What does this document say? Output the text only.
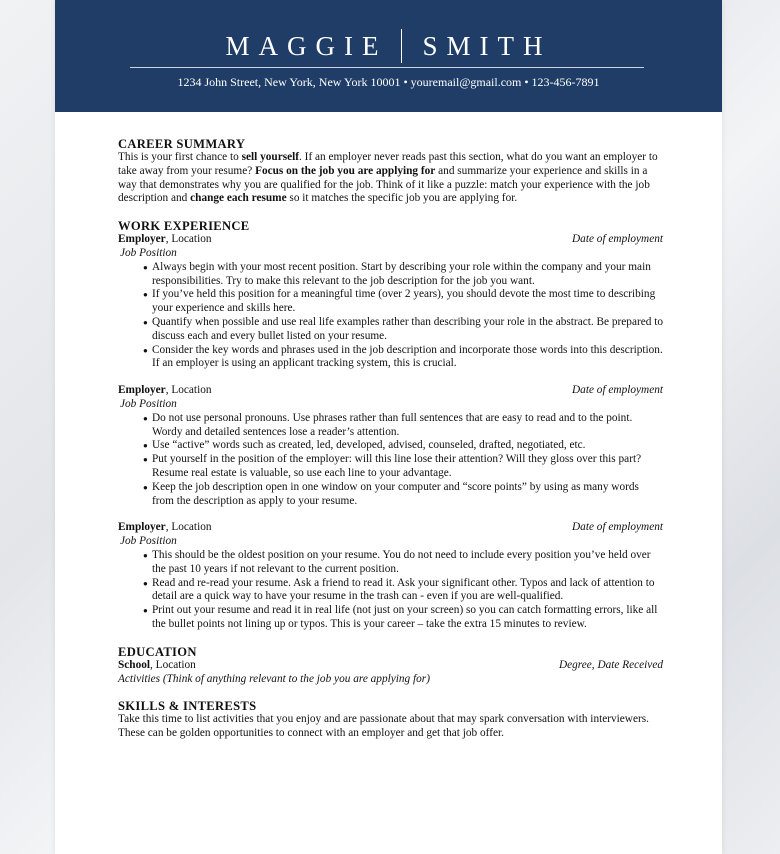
MAGGIE SMITH
1234 John Street, New York, New York 10001 • youremail@gmail.com • 123-456-7891
CAREER SUMMARY

This is your first chance to sell yourself. If an employer never reads past this section, what do you want an employer to take away from your resume? Focus on the job you are applying for and summarize your experience and skills in a way that demonstrates why you are qualified for the job. Think of it like a puzzle: match your experience with the job description and change each resume so it matches the specific job you are applying for.

WORK EXPERIENCE
Employer, Location	Date of employment
Job Position
● Always begin with your most recent position. Start by describing your role within the company and your main responsibilities. Try to make this relevant to the job description for the job you want.
● If you’ve held this position for a meaningful time (over 2 years), you should devote the most time to describing your experience and skills here.
● Quantify when possible and use real life examples rather than describing your role in the abstract. Be prepared to discuss each and every bullet listed on your resume.
● Consider the key words and phrases used in the job description and incorporate those words into this description. If an employer is using an applicant tracking system, this is crucial.
Employer, Location	Date of employment
Job Position
● Do not use personal pronouns. Use phrases rather than full sentences that are easy to read and to the point. Wordy and detailed sentences lose a reader’s attention.
● Use “active” words such as created, led, developed, advised, counseled, drafted, negotiated, etc.
● Put yourself in the position of the employer: will this line lose their attention? Will they gloss over this part? Resume real estate is valuable, so use each line to your advantage.
● Keep the job description open in one window on your computer and “score points” by using as many words from the description as apply to your resume.
Employer, Location	Date of employment
Job Position
● This should be the oldest position on your resume. You do not need to include every position you’ve held over the past 10 years if not relevant to the current position.
● Read and re-read your resume. Ask a friend to read it. Ask your significant other. Typos and lack of attention to detail are a quick way to have your resume in the trash can - even if you are well-qualified.
● Print out your resume and read it in real life (not just on your screen) so you can catch formatting errors, like all the bullet points not lining up or typos. This is your career – take the extra 15 minutes to review.
EDUCATION
School, Location	Degree, Date Received
Activities (Think of anything relevant to the job you are applying for)
SKILLS & INTERESTS

Take this time to list activities that you enjoy and are passionate about that may spark conversation with interviewers. These can be golden opportunities to connect with an employer and get that job offer.
